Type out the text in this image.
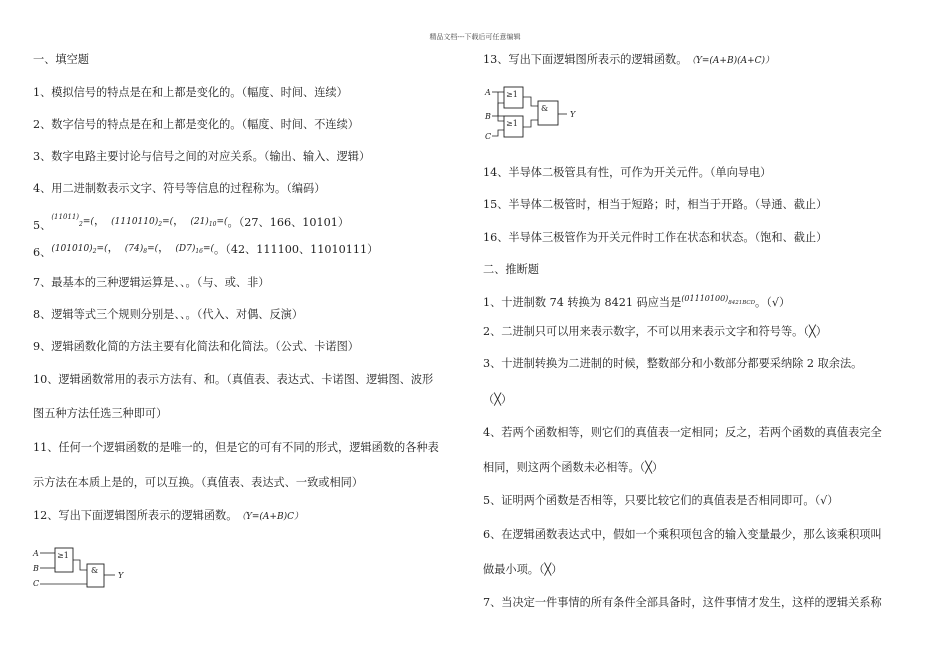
精品文档---下载后可任意编辑
一、填空题
1、模拟信号的特点是在和上都是变化的。（幅度、时间、连续）
2、数字信号的特点是在和上都是变化的。（幅度、时间、不连续）
3、数字电路主要讨论与信号之间的对应关系。（输出、输入、逻辑）
4、用二进制数表示文字、符号等信息的过程称为。（编码）
5、$^{(11011)}_2$=(， $(1110110)_2=$(， $(21)_{10}=$(。（27、166、10101）
6、$(101010)_2=$(， $(74)_8=$(， $(D7)_{16}=$(。（42、111100、11010111）
7、最基本的三种逻辑运算是、、。（与、或、非）
8、逻辑等式三个规则分别是、、。（代入、对偶、反演）
9、逻辑函数化简的方法主要有化简法和化简法。（公式、卡诺图）
10、逻辑函数常用的表示方法有、和。（真值表、表达式、卡诺图、逻辑图、波形
图五种方法任选三种即可）
11、任何一个逻辑函数的是唯一的，但是它的可有不同的形式，逻辑函数的各种表
示方法在本质上是的，可以互换。（真值表、表达式、一致或相同）
12、写出下面逻辑图所表示的逻辑函数。 （Y=(A+B)C）
A
B
C
≥1
&
Y
13、写出下面逻辑图所表示的逻辑函数。 （Y=(A+B)(A+C)）
A
B
C
≥1
≥1
&
Y
14、半导体二极管具有性，可作为开关元件。（单向导电）
15、半导体二极管时，相当于短路；时，相当于开路。（导通、截止）
16、半导体三极管作为开关元件时工作在状态和状态。（饱和、截止）
二、推断题
1、十进制数 74 转换为 8421 码应当是$(01110100)_{8421BCD}$。（√）
2、二进制只可以用来表示数字，不可以用来表示文字和符号等。（╳）
3、十进制转换为二进制的时候，整数部分和小数部分都要采纳除 2 取余法。
（╳）
4、若两个函数相等，则它们的真值表一定相同；反之，若两个函数的真值表完全
相同，则这两个函数未必相等。（╳）
5、证明两个函数是否相等，只要比较它们的真值表是否相同即可。（√）
6、在逻辑函数表达式中，假如一个乘积项包含的输入变量最少，那么该乘积项叫
做最小项。（╳）
7、当决定一件事情的所有条件全部具备时，这件事情才发生，这样的逻辑关系称
